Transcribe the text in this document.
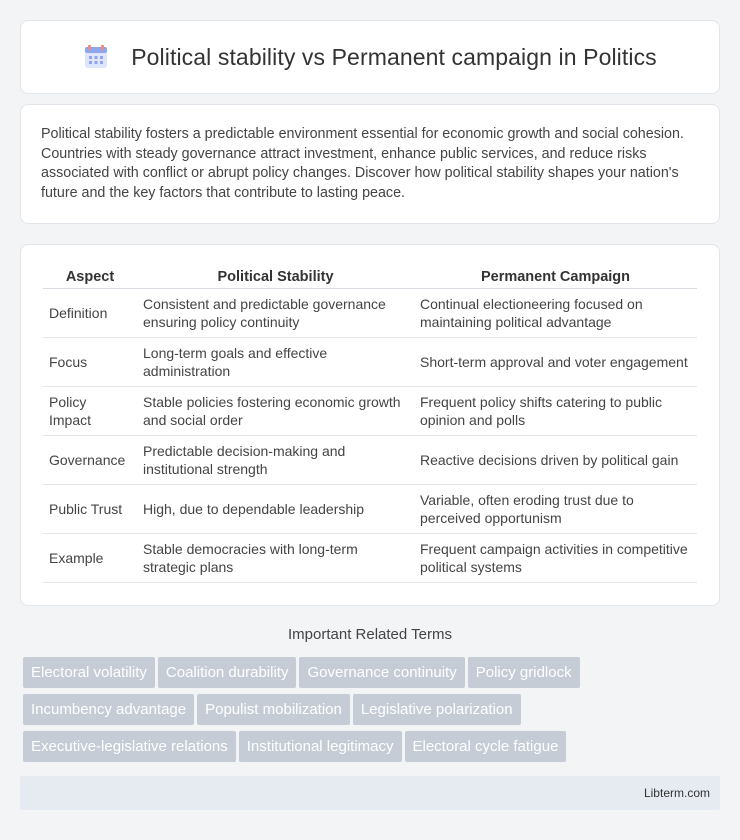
Political stability vs Permanent campaign in Politics

Political stability fosters a predictable environment essential for economic growth and social cohesion. Countries with steady governance attract investment, enhance public services, and reduce risks associated with conflict or abrupt policy changes. Discover how political stability shapes your nation's future and the key factors that contribute to lasting peace.

Aspect	Political Stability	Permanent Campaign
Definition	Consistent and predictable governance ensuring policy continuity	Continual electioneering focused on maintaining political advantage
Focus	Long-term goals and effective administration	Short-term approval and voter engagement
Policy Impact	Stable policies fostering economic growth and social order	Frequent policy shifts catering to public opinion and polls
Governance	Predictable decision-making and institutional strength	Reactive decisions driven by political gain
Public Trust	High, due to dependable leadership	Variable, often eroding trust due to perceived opportunism
Example	Stable democracies with long-term strategic plans	Frequent campaign activities in competitive political systems
Important Related Terms
Electoral volatility Coalition durability Governance continuity Policy gridlockIncumbency advantage Populist mobilization Legislative polarizationExecutive-legislative relations Institutional legitimacy Electoral cycle fatigue
Libterm.com
